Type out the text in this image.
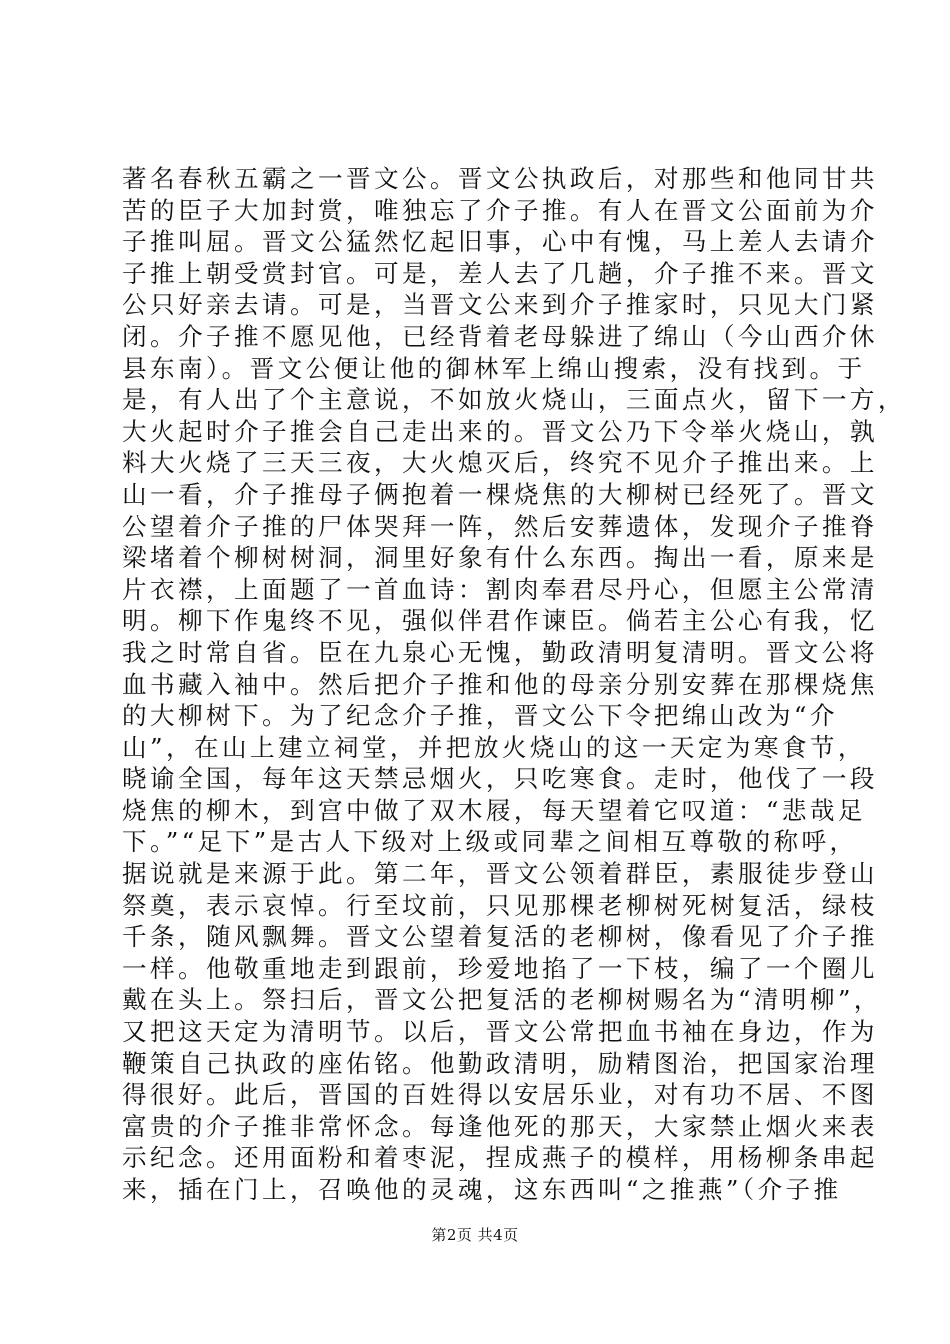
著名春秋五霸之一晋文公。晋文公执政后，对那些和他同甘共
苦的臣子大加封赏，唯独忘了介子推。有人在晋文公面前为介
子推叫屈。晋文公猛然忆起旧事，心中有愧，马上差人去请介
子推上朝受赏封官。可是，差人去了几趟，介子推不来。晋文
公只好亲去请。可是，当晋文公来到介子推家时，只见大门紧
闭。介子推不愿见他，已经背着老母躲进了绵山（今山西介休
县东南）。晋文公便让他的御林军上绵山搜索，没有找到。于
是，有人出了个主意说，不如放火烧山，三面点火，留下一方，
大火起时介子推会自己走出来的。晋文公乃下令举火烧山，孰
料大火烧了三天三夜，大火熄灭后，终究不见介子推出来。上
山一看，介子推母子俩抱着一棵烧焦的大柳树已经死了。晋文
公望着介子推的尸体哭拜一阵，然后安葬遗体，发现介子推脊
梁堵着个柳树树洞，洞里好象有什么东西。掏出一看，原来是
片衣襟，上面题了一首血诗：割肉奉君尽丹心，但愿主公常清
明。柳下作鬼终不见，强似伴君作谏臣。倘若主公心有我，忆
我之时常自省。臣在九泉心无愧，勤政清明复清明。晋文公将
血书藏入袖中。然后把介子推和他的母亲分别安葬在那棵烧焦
的大柳树下。为了纪念介子推，晋文公下令把绵山改为“介
山”，在山上建立祠堂，并把放火烧山的这一天定为寒食节，
晓谕全国，每年这天禁忌烟火，只吃寒食。走时，他伐了一段
烧焦的柳木，到宫中做了双木屐，每天望着它叹道：“悲哉足
下。”“足下”是古人下级对上级或同辈之间相互尊敬的称呼，
据说就是来源于此。第二年，晋文公领着群臣，素服徒步登山
祭奠，表示哀悼。行至坟前，只见那棵老柳树死树复活，绿枝
千条，随风飘舞。晋文公望着复活的老柳树，像看见了介子推
一样。他敬重地走到跟前，珍爱地掐了一下枝，编了一个圈儿
戴在头上。祭扫后，晋文公把复活的老柳树赐名为“清明柳”，
又把这天定为清明节。以后，晋文公常把血书袖在身边，作为
鞭策自己执政的座佑铭。他勤政清明，励精图治，把国家治理
得很好。此后，晋国的百姓得以安居乐业，对有功不居、不图
富贵的介子推非常怀念。每逢他死的那天，大家禁止烟火来表
示纪念。还用面粉和着枣泥，捏成燕子的模样，用杨柳条串起
来，插在门上，召唤他的灵魂，这东西叫“之推燕”（介子推
第2页 共4页
